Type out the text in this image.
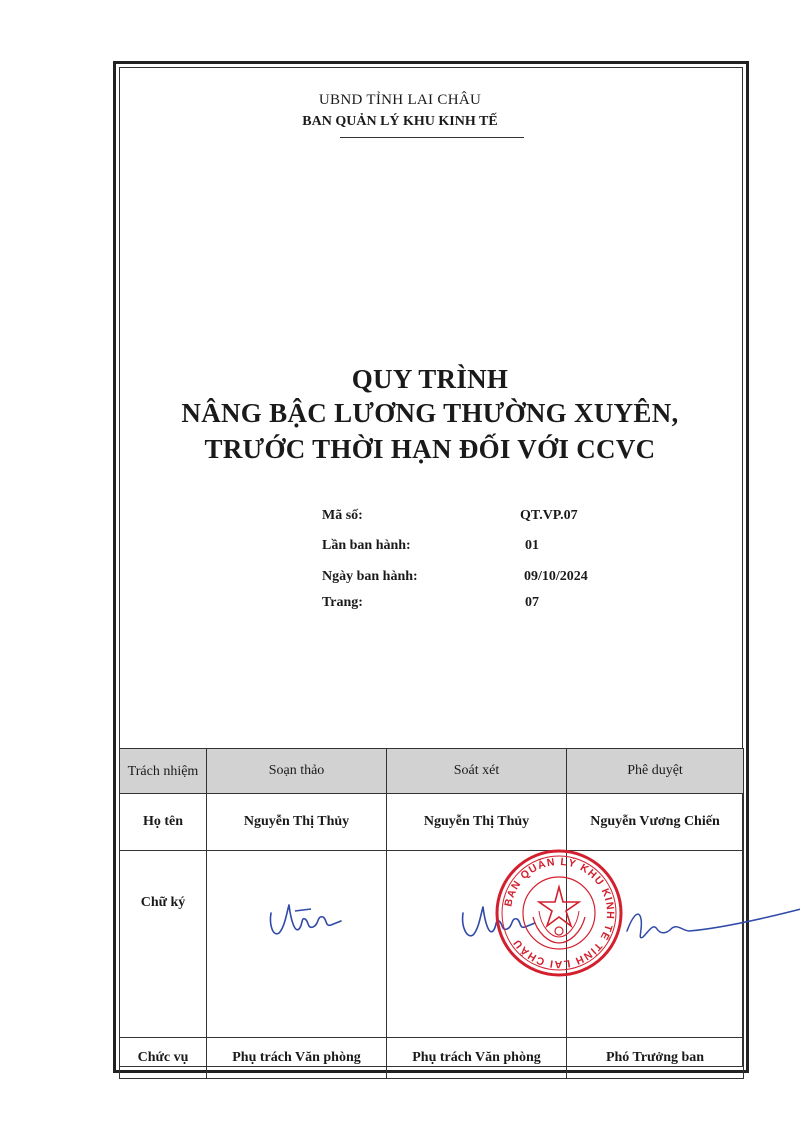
UBND TỈNH LAI CHÂU
BAN QUẢN LÝ KHU KINH TẾ
QUY TRÌNH
NÂNG BẬC LƯƠNG THƯỜNG XUYÊN,
TRƯỚC THỜI HẠN ĐỐI VỚI CCVC
Mã số:	QT.VP.07
Lần ban hành:	01
Ngày ban hành:	09/10/2024
Trang:	07
Trách nhiệm	Soạn thảo	Soát xét	Phê duyệt
Họ tên	Nguyễn Thị Thủy	Nguyễn Thị Thủy	Nguyễn Vương Chiến
Chữ ký	

Chức vụ	Phụ trách Văn phòng	Phụ trách Văn phòng	Phó Trưởng ban
BAN QUẢN LÝ KHU KINH TẾ TỈNH LAI CHÂU
